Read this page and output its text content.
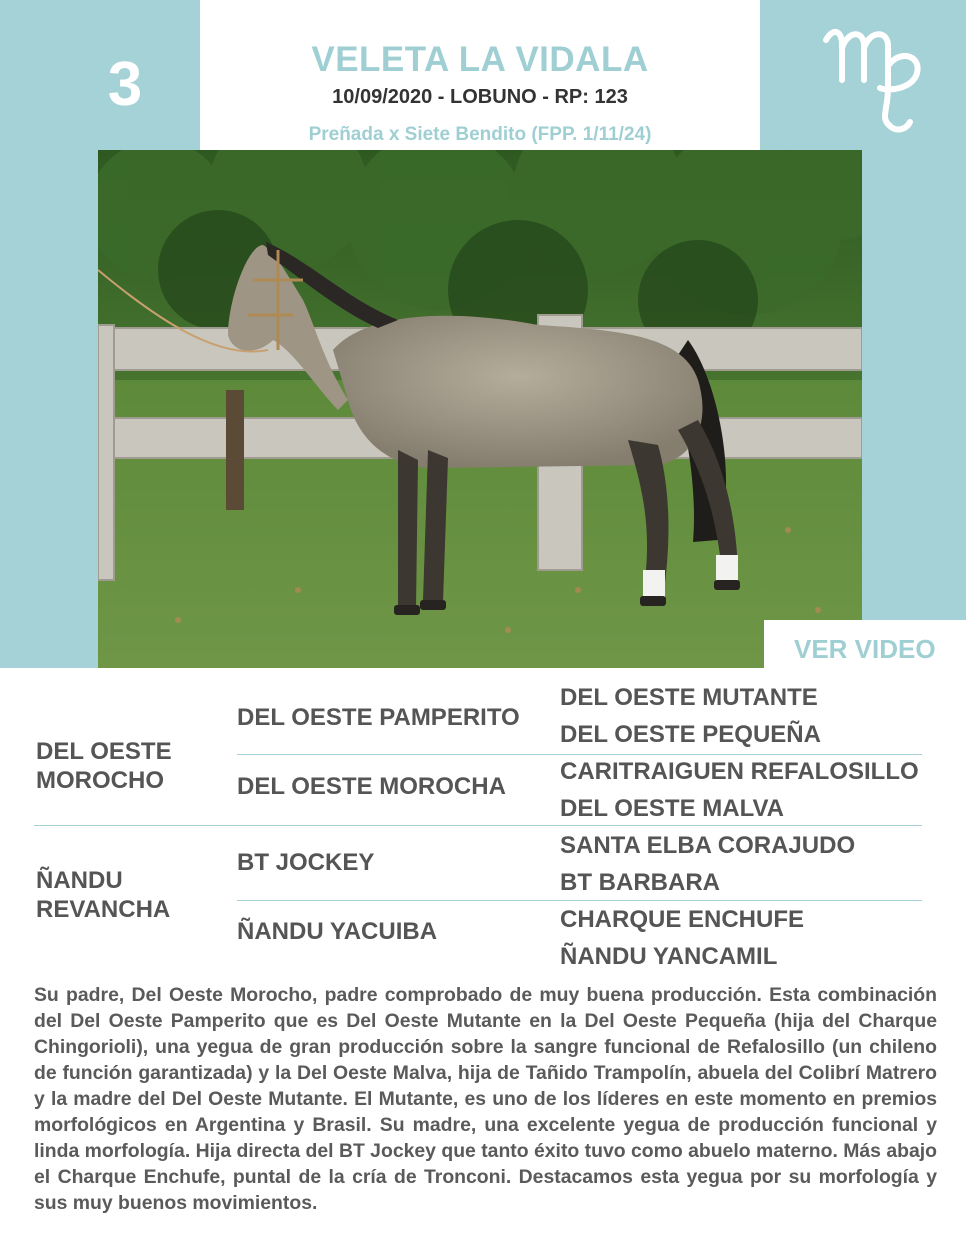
3	VELETA LA VIDALA
10/09/2020 - LOBUNO - RP: 123
Preñada x Siete Bendito (FPP. 1/11/24)
VER VIDEO
DEL OESTE
MOROCHO
ÑANDU
REVANCHA
DEL OESTE PAMPERITO
DEL OESTE MOROCHA
BT JOCKEY
ÑANDU YACUIBA
DEL OESTE MUTANTE
DEL OESTE PEQUEÑA
CARITRAIGUEN REFALOSILLO
DEL OESTE MALVA
SANTA ELBA CORAJUDO
BT BARBARA
CHARQUE ENCHUFE
ÑANDU YANCAMIL
Su padre, Del Oeste Morocho, padre comprobado de muy buena producción. Esta combinación del Del Oeste Pamperito que es Del Oeste Mutante en la Del Oeste Pequeña (hija del Charque Chingorioli), una yegua de gran producción sobre la sangre funcional de Refalosillo (un chileno de función garantizada) y la Del Oeste Malva, hija de Tañido Trampolín, abuela del Colibrí Matrero y la madre del Del Oeste Mutante. El Mutante, es uno de los líderes en este momento en premios morfológicos en Argentina y Brasil. Su madre, una excelente yegua de producción funcional y linda morfología. Hija directa del BT Jockey que tanto éxito tuvo como abuelo materno. Más abajo el Charque Enchufe, puntal de la cría de Tronconi. Destacamos esta yegua por su morfología y sus muy buenos movimientos.
